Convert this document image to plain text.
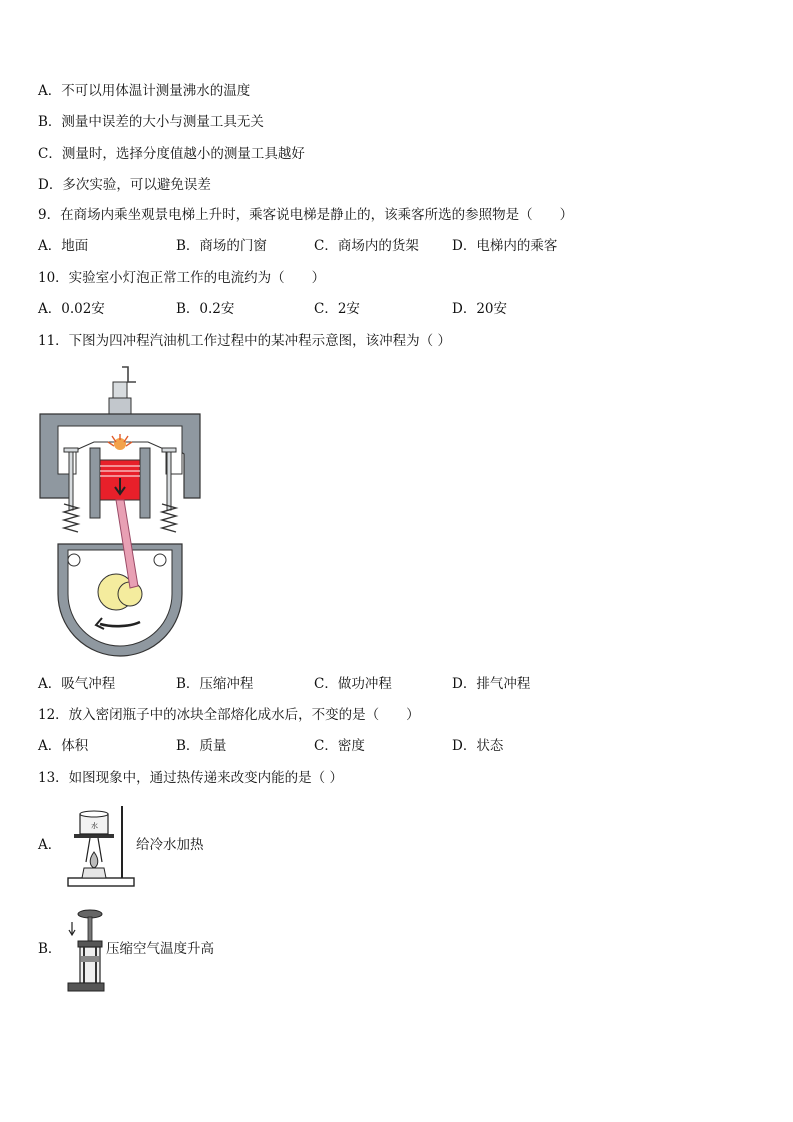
A．不可以用体温计测量沸水的温度
B．测量中误差的大小与测量工具无关
C．测量时，选择分度值越小的测量工具越好
D．多次实验，可以避免误差
9．在商场内乘坐观景电梯上升时，乘客说电梯是静止的，该乘客所选的参照物是（　　）
A．地面	B．商场的门窗	C．商场内的货架 D．电梯内的乘客
10．实验室小灯泡正常工作的电流约为（　　）
A．0.02安	B．0.2安	C．2安	D．20安
11．下图为四冲程汽油机工作过程中的某冲程示意图，该冲程为（ ）
A．吸气冲程	B．压缩冲程	C．做功冲程	D．排气冲程
12．放入密闭瓶子中的冰块全部熔化成水后，不变的是（　　）
A．体积	B．质量	C．密度	D．状态
13．如图现象中，通过热传递来改变内能的是（ ）
A．
水
给冷水加热
B．	压缩空气温度升高
